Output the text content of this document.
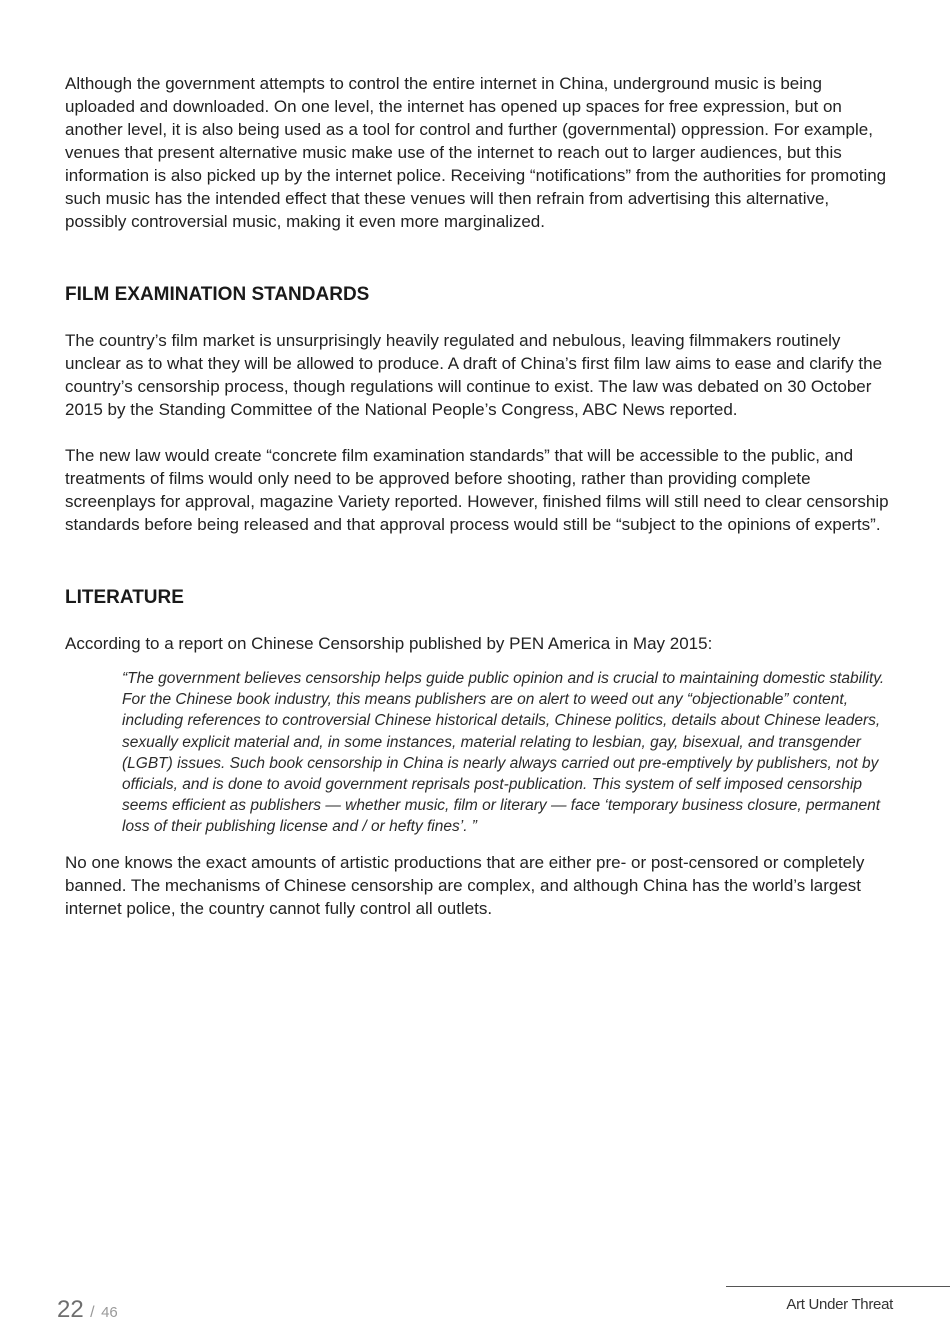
Although the government attempts to control the entire internet in China, underground music is being uploaded and downloaded. On one level, the internet has opened up spaces for free expression, but on another level, it is also being used as a tool for control and further (governmental) oppression. For example, venues that present alternative music make use of the internet to reach out to larger audiences, but this information is also picked up by the internet police. Receiving “notifications” from the authorities for promoting such music has the intended effect that these venues will then refrain from advertising this alternative, possibly controversial music, making it even more marginalized.

FILM EXAMINATION STANDARDS

The country’s film market is unsurprisingly heavily regulated and nebulous, leaving filmmakers routinely unclear as to what they will be allowed to produce. A draft of China’s first film law aims to ease and clarify the country’s censorship process, though regulations will continue to exist. The law was debated on 30 October 2015 by the Standing Committee of the National People’s Congress, ABC News reported.

The new law would create “concrete film examination standards” that will be accessible to the public, and treatments of films would only need to be approved before shooting, rather than providing complete screenplays for approval, magazine Variety reported. However, finished films will still need to clear censorship standards before being released and that approval process would still be “subject to the opinions of experts”.

LITERATURE

According to a report on Chinese Censorship published by PEN America in May 2015:

“The government believes censorship helps guide public opinion and is crucial to maintaining domestic stability. For the Chinese book industry, this means publishers are on alert to weed out any “objectionable” content, including references to controversial Chinese historical details, Chinese politics, details about Chinese leaders, sexually explicit material and, in some instances, material relating to lesbian, gay, bisexual, and transgender (LGBT) issues. Such book censorship in China is nearly always carried out pre-emptively by publishers, not by officials, and is done to avoid government reprisals post-publication. This system of self imposed censorship seems efficient as publishers — whether music, film or literary — face ‘temporary business closure, permanent loss of their publishing license and / or hefty fines’. ”

No one knows the exact amounts of artistic productions that are either pre- or post-censored or completely banned. The mechanisms of Chinese censorship are complex, and although China has the world’s largest internet police, the country cannot fully control all outlets.

22 / 46	Art Under Threat
